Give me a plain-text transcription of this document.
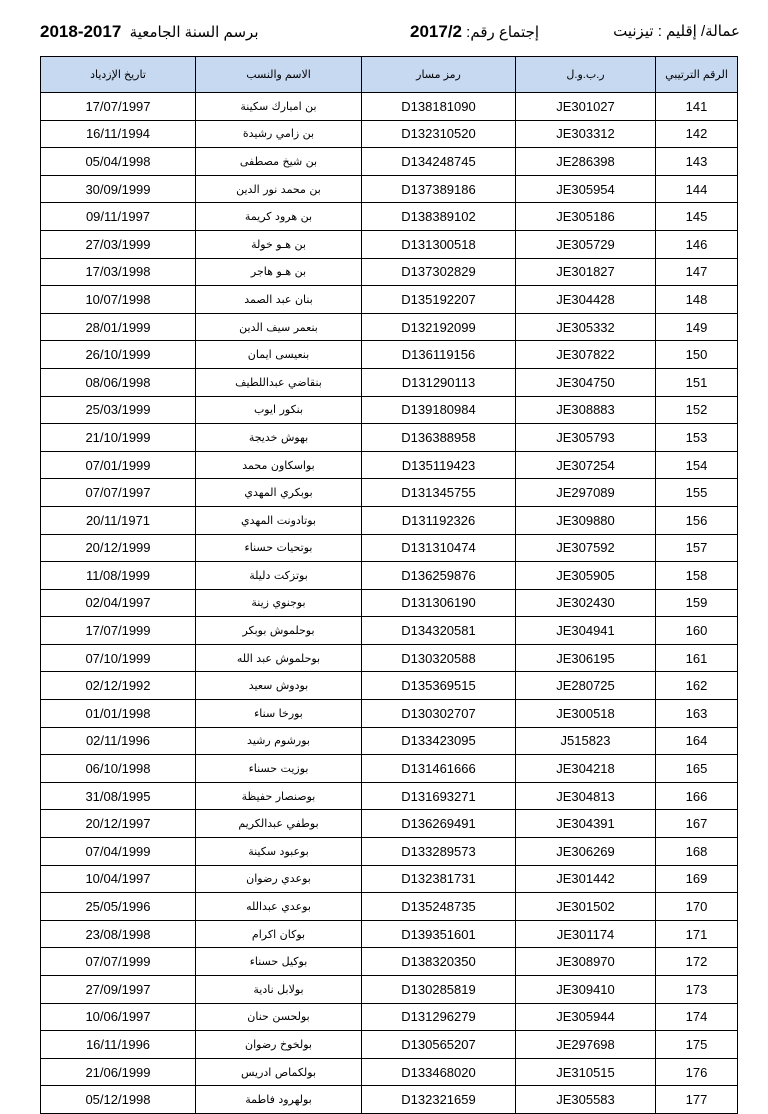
عمالة/ إقليم : تيزنيت
2017/2 إجتماع رقم:
2018-2017 برسم السنة الجامعية
تاريخ الإزدياد	الاسم والنسب	رمز مسار	ر.ب.و.ل	الرقم الترتيبي
17/07/1997	بن امبارك سكينة	D138181090	JE301027	141
16/11/1994	بن زامي رشيدة	D132310520	JE303312	142
05/04/1998	بن شيخ مصطفى	D134248745	JE286398	143
30/09/1999	بن محمد نور الدين	D137389186	JE305954	144
09/11/1997	بن هرود كريمة	D138389102	JE305186	145
27/03/1999	بن هـو خولة	D131300518	JE305729	146
17/03/1998	بن هـو هاجر	D137302829	JE301827	147
10/07/1998	بنان عبد الصمد	D135192207	JE304428	148
28/01/1999	بنعمر سيف الدين	D132192099	JE305332	149
26/10/1999	بنعيسى ايمان	D136119156	JE307822	150
08/06/1998	بنقاضي عبداللطيف	D131290113	JE304750	151
25/03/1999	بنكور ايوب	D139180984	JE308883	152
21/10/1999	بهوش خديجة	D136388958	JE305793	153
07/01/1999	بواسكاون محمد	D135119423	JE307254	154
07/07/1997	بوبكري المهدي	D131345755	JE297089	155
20/11/1971	بوتادونت المهدي	D131192326	JE309880	156
20/12/1999	بوتحيات حسناء	D131310474	JE307592	157
11/08/1999	بوتزكت دليلة	D136259876	JE305905	158
02/04/1997	بوجنوي زينة	D131306190	JE302430	159
17/07/1999	بوحلموش بوبكر	D134320581	JE304941	160
07/10/1999	بوحلموش عبد الله	D130320588	JE306195	161
02/12/1992	بودوش سعيد	D135369515	JE280725	162
01/01/1998	بورخا سناء	D130302707	JE300518	163
02/11/1996	بورشوم رشيد	D133423095	J515823	164
06/10/1998	بوزيت حسناء	D131461666	JE304218	165
31/08/1995	بوصنصار حفيظة	D131693271	JE304813	166
20/12/1997	بوطفي عبدالكريم	D136269491	JE304391	167
07/04/1999	بوعبود سكينة	D133289573	JE306269	168
10/04/1997	بوعدي رضوان	D132381731	JE301442	169
25/05/1996	بوعدي عبدالله	D135248735	JE301502	170
23/08/1998	بوكان اكرام	D139351601	JE301174	171
07/07/1999	بوكيل حسناء	D138320350	JE308970	172
27/09/1997	بولابل نادية	D130285819	JE309410	173
10/06/1997	بولحسن حنان	D131296279	JE305944	174
16/11/1996	بولخوخ رضوان	D130565207	JE297698	175
21/06/1999	بولكماص ادريس	D133468020	JE310515	176
05/12/1998	بولهرود فاطمة	D132321659	JE305583	177
